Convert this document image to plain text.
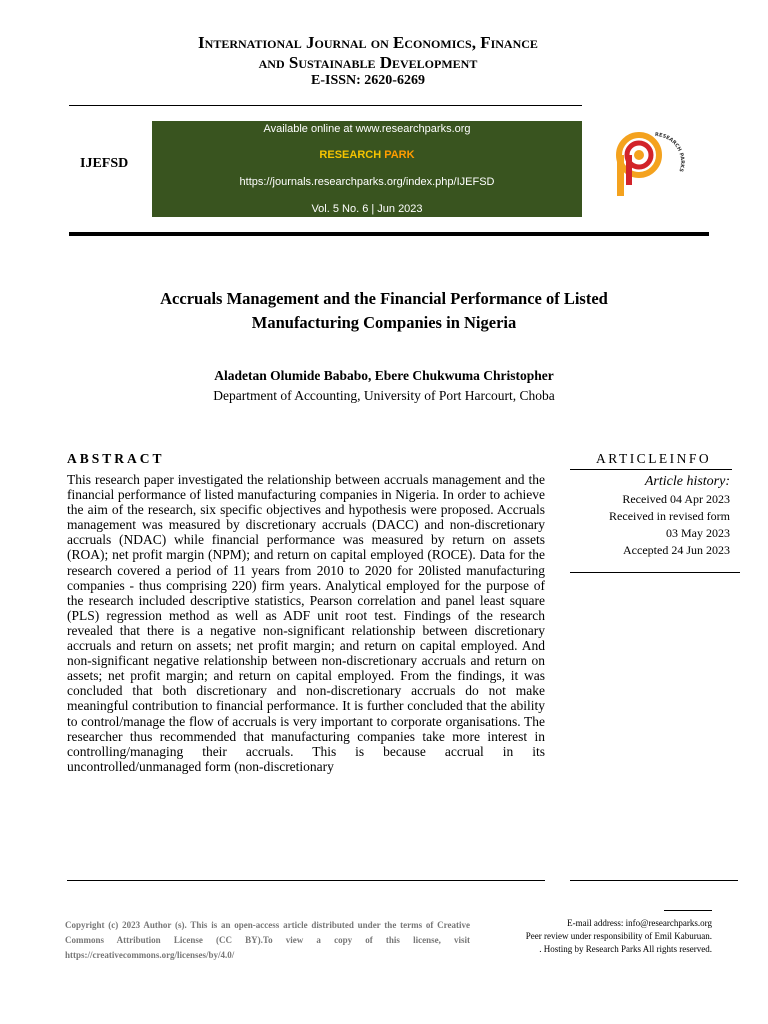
International Journal on Economics, Finance
and Sustainable Development
E-ISSN: 2620-6269
IJEFSD
Available online at www.researchparks.org
RESEARCH PARK
https://journals.researchparks.org/index.php/IJEFSD
Vol. 5 No. 6 | Jun 2023
RESEARCH PARKS
Accruals Management and the Financial Performance of Listed
Manufacturing Companies in Nigeria
Aladetan Olumide Bababo, Ebere Chukwuma Christopher
Department of Accounting, University of Port Harcourt, Choba
ABSTRACT
This research paper investigated the relationship between accruals management and the financial performance of listed manufacturing companies in Nigeria. In order to achieve the aim of the research, six specific objectives and hypothesis were proposed. Accruals management was measured by discretionary accruals (DACC) and non-discretionary accruals (NDAC) while financial performance was measured by return on assets (ROA); net profit margin (NPM); and return on capital employed (ROCE). Data for the research covered a period of 11 years from 2010 to 2020 for 20listed manufacturing companies - thus comprising 220) firm years. Analytical employed for the purpose of the research included descriptive statistics, Pearson correlation and panel least square (PLS) regression method as well as ADF unit root test. Findings of the research revealed that there is a negative non-significant relationship between discretionary accruals and return on assets; net profit margin; and return on capital employed. And non-significant negative relationship between non-discretionary accruals and return on assets; net profit margin; and return on capital employed. From the findings, it was concluded that both discretionary and non-discretionary accruals do not make meaningful contribution to financial performance. It is further concluded that the ability to control/manage the flow of accruals is very important to corporate organisations. The researcher thus recommended that manufacturing companies take more interest in controlling/managing their accruals. This is because accrual in its uncontrolled/unmanaged form (non-discretionary
ARTICLEINFO
Article history:
Received 04 Apr 2023
Received in revised form
03 May 2023
Accepted 24 Jun 2023
Copyright (c) 2023 Author (s). This is an open-access article distributed under the terms of Creative Commons Attribution License (CC BY).To view a copy of this license, visit https://creativecommons.org/licenses/by/4.0/
E-mail address: info@researchparks.org
Peer review under responsibility of Emil Kaburuan.
. Hosting by Research Parks All rights reserved.
